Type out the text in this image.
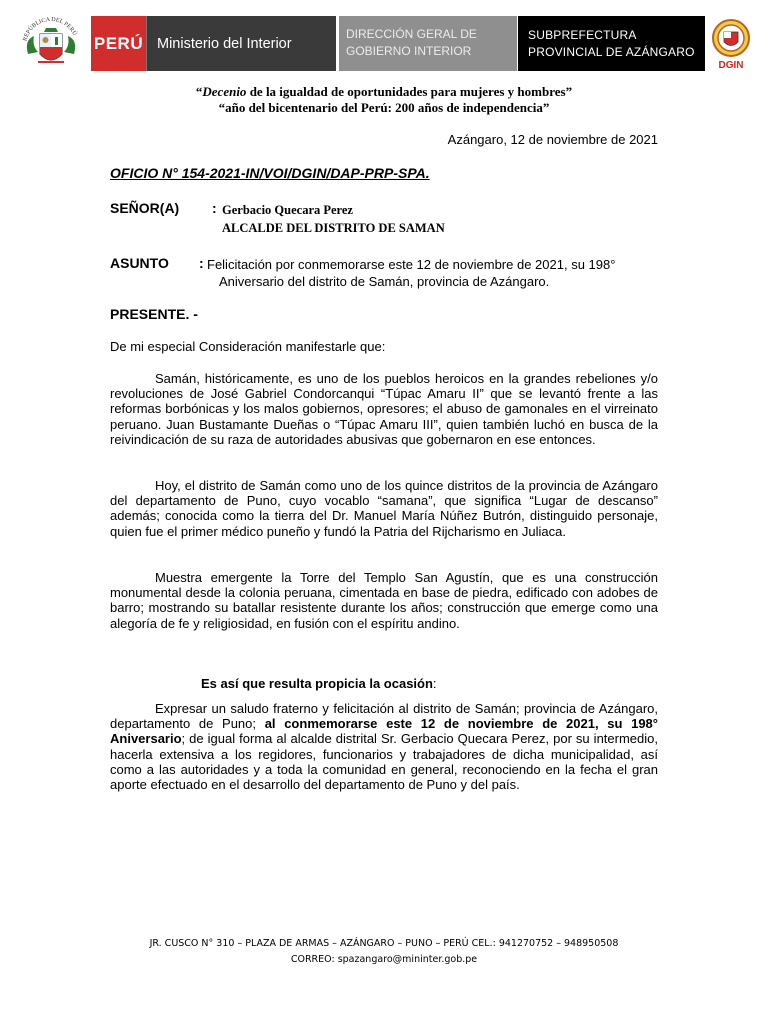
REPÚBLICA DEL PERÚ
PERÚ Ministerio del Interior
DIRECCIÓN GERAL DE
GOBIERNO INTERIOR
SUBPREFECTURA
PROVINCIAL DE AZÁNGARO
DGIN
“Decenio de la igualdad de oportunidades para mujeres y hombres”
“año del bicentenario del Perú: 200 años de independencia”
Azángaro, 12 de noviembre de 2021
OFICIO N° 154-2021-IN/VOI/DGIN/DAP-PRP-SPA.
SEÑOR(A) : Gerbacio Quecara Perez
ALCALDE DEL DISTRITO DE SAMAN
ASUNTO : Felicitación por conmemorarse este 12 de noviembre de 2021, su 198°
Aniversario del distrito de Samán, provincia de Azángaro.
PRESENTE. -
De mi especial Consideración manifestarle que:
Samán, históricamente, es uno de los pueblos heroicos en la grandes rebeliones y/o revoluciones de José Gabriel Condorcanqui “Túpac Amaru II” que se levantó frente a las reformas borbónicas y los malos gobiernos, opresores; el abuso de gamonales en el virreinato peruano. Juan Bustamante Dueñas o “Túpac Amaru III”, quien también luchó en busca de la reivindicación de su raza de autoridades abusivas que gobernaron en ese entonces.
Hoy, el distrito de Samán como uno de los quince distritos de la provincia de Azángaro del departamento de Puno, cuyo vocablo “samana”, que significa “Lugar de descanso” además; conocida como la tierra del Dr. Manuel María Núñez Butrón, distinguido personaje, quien fue el primer médico puneño y fundó la Patria del Rijcharismo en Juliaca.
Muestra emergente la Torre del Templo San Agustín, que es una construcción monumental desde la colonia peruana, cimentada en base de piedra, edificado con adobes de barro; mostrando su batallar resistente durante los años; construcción que emerge como una alegoría de fe y religiosidad, en fusión con el espíritu andino.
Es así que resulta propicia la ocasión:
Expresar un saludo fraterno y felicitación al distrito de Samán; provincia de Azángaro, departamento de Puno; al conmemorarse este 12 de noviembre de 2021, su 198° Aniversario; de igual forma al alcalde distrital Sr. Gerbacio Quecara Perez, por su intermedio, hacerla extensiva a los regidores, funcionarios y trabajadores de dicha municipalidad, así como a las autoridades y a toda la comunidad en general, reconociendo en la fecha el gran aporte efectuado en el desarrollo del departamento de Puno y del país.
JR. CUSCO N° 310 – PLAZA DE ARMAS – AZÁNGARO – PUNO – PERÚ CEL.: 941270752 – 948950508
CORREO: spazangaro@mininter.gob.pe
